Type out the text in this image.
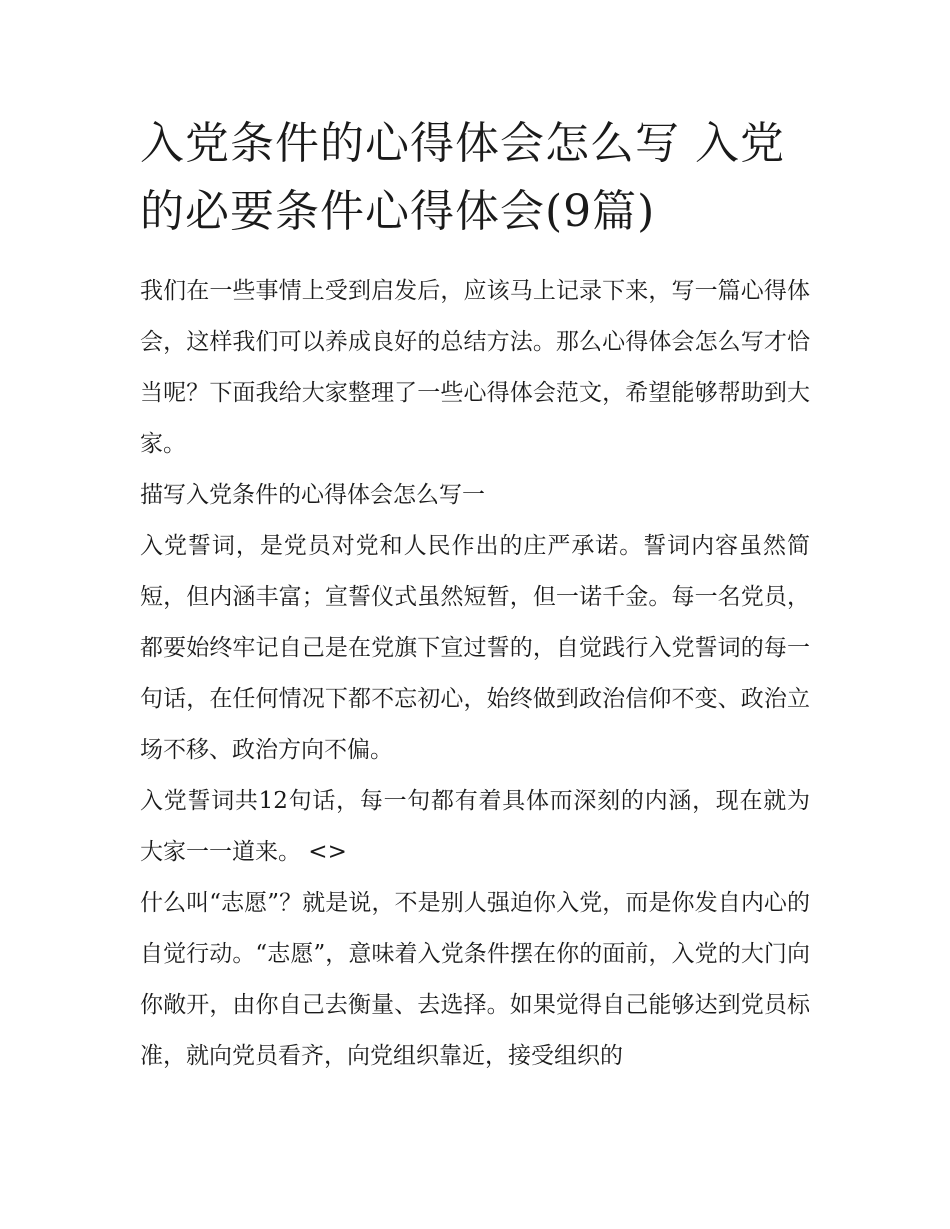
入党条件的心得体会怎么写 入党的必要条件心得体会(9篇)

我们在一些事情上受到启发后，应该马上记录下来，写一篇心得体会，这样我们可以养成良好的总结方法。那么心得体会怎么写才恰当呢？下面我给大家整理了一些心得体会范文，希望能够帮助到大家。

描写入党条件的心得体会怎么写一

入党誓词，是党员对党和人民作出的庄严承诺。誓词内容虽然简短，但内涵丰富；宣誓仪式虽然短暂，但一诺千金。每一名党员，都要始终牢记自己是在党旗下宣过誓的，自觉践行入党誓词的每一句话，在任何情况下都不忘初心，始终做到政治信仰不变、政治立场不移、政治方向不偏。

入党誓词共12句话，每一句都有着具体而深刻的内涵，现在就为大家一一道来。 <>

什么叫“志愿”？就是说，不是别人强迫你入党，而是你发自内心的自觉行动。“志愿”，意味着入党条件摆在你的面前，入党的大门向你敞开，由你自己去衡量、去选择。如果觉得自己能够达到党员标准，就向党员看齐，向党组织靠近，接受组织的
